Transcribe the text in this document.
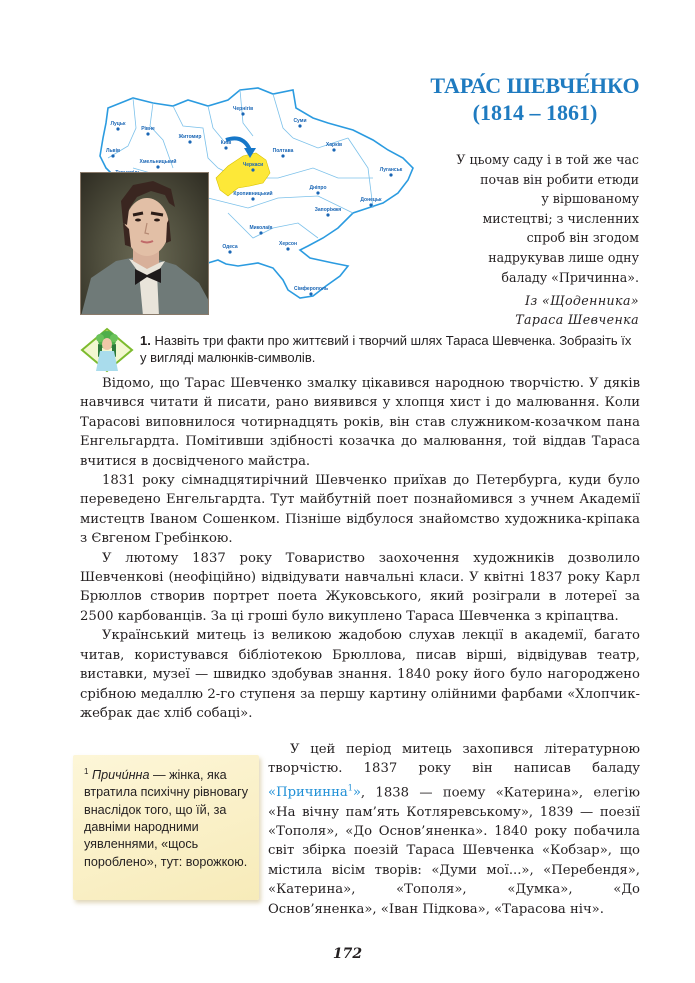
Луцьк
Рівне
Львів
Житомир
Київ
Чернігів
Суми
Хмельницький	Черкаси
Полтава
Харків
Луганськ
Кропивницький
Дніпро
Донецьк
Запоріжжя
Миколаїв
Одеса	Херсон
Сімферополь
ТАРА́С ШЕВЧЕ́НКО
(1814 – 1861)
У цьому саду і в той же час
почав він робити етюди
у віршованому
мистецтві; з численних
спроб він згодом
надрукував лише одну
баладу «Причинна».
Із «Щоденника»
Тараса Шевченка
1. Назвіть три факти про життєвий і творчий шлях Тараса Шевченка. Зобразіть їх у вигляді малюнків-символів.

Відомо, що Тарас Шевченко змалку цікавився народною творчістю. У дяків навчився читати й писати, рано виявився у хлопця хист і до малювання. Коли Тарасові виповнилося чотирнадцять років, він став служником-козачком пана Енгельгардта. Помітивши здібності козачка до малювання, той віддав Тараса вчитися в досвідченого майстра.

1831 року сімнадцятирічний Шевченко приїхав до Петербурга, куди було переведено Енгельгардта. Тут майбутній поет познайомився з учнем Академії мистецтв Іваном Сошенком. Пізніше відбулося знайомство художника-кріпака з Євгеном Гребінкою.

У лютому 1837 року Товариство заохочення художників дозволило Шевченкові (неофіційно) відвідувати навчальні класи. У квітні 1837 року Карл Брюллов створив портрет поета Жуковського, який розіграли в лотереї за 2500 карбованців. За ці гроші було викуплено Тараса Шевченка з кріпацтва.

Український митець із великою жадобою слухав лекції в академії, багато читав, користувався бібліотекою Брюллова, писав вірші, відвідував театр, виставки, музеї — швидко здобував знання. 1840 року його було нагороджено срібною медаллю 2-го ступеня за першу картину олійними фарбами «Хлопчик-жебрак дає хліб собаці».

$^1$ Причи́нна — жінка, яка втратила психічну рівновагу внаслідок того, що їй, за давніми народними уявленнями, «щось пороблено», тут: ворожкою.

У цей період митець захопився літературною творчістю. 1837 року він написав баладу «Причинна$^1$», 1838 — поему «Катерина», елегію «На вічну пам’ять Котляревському», 1839 — поезії «Тополя», «До Основ’яненка». 1840 року побачила світ збірка поезій Тараса Шевченка «Кобзар», що містила вісім творів: «Думи мої...», «Перебендя», «Катерина», «Тополя», «Думка», «До Основ’яненка», «Іван Підкова», «Тарасова ніч».

172
